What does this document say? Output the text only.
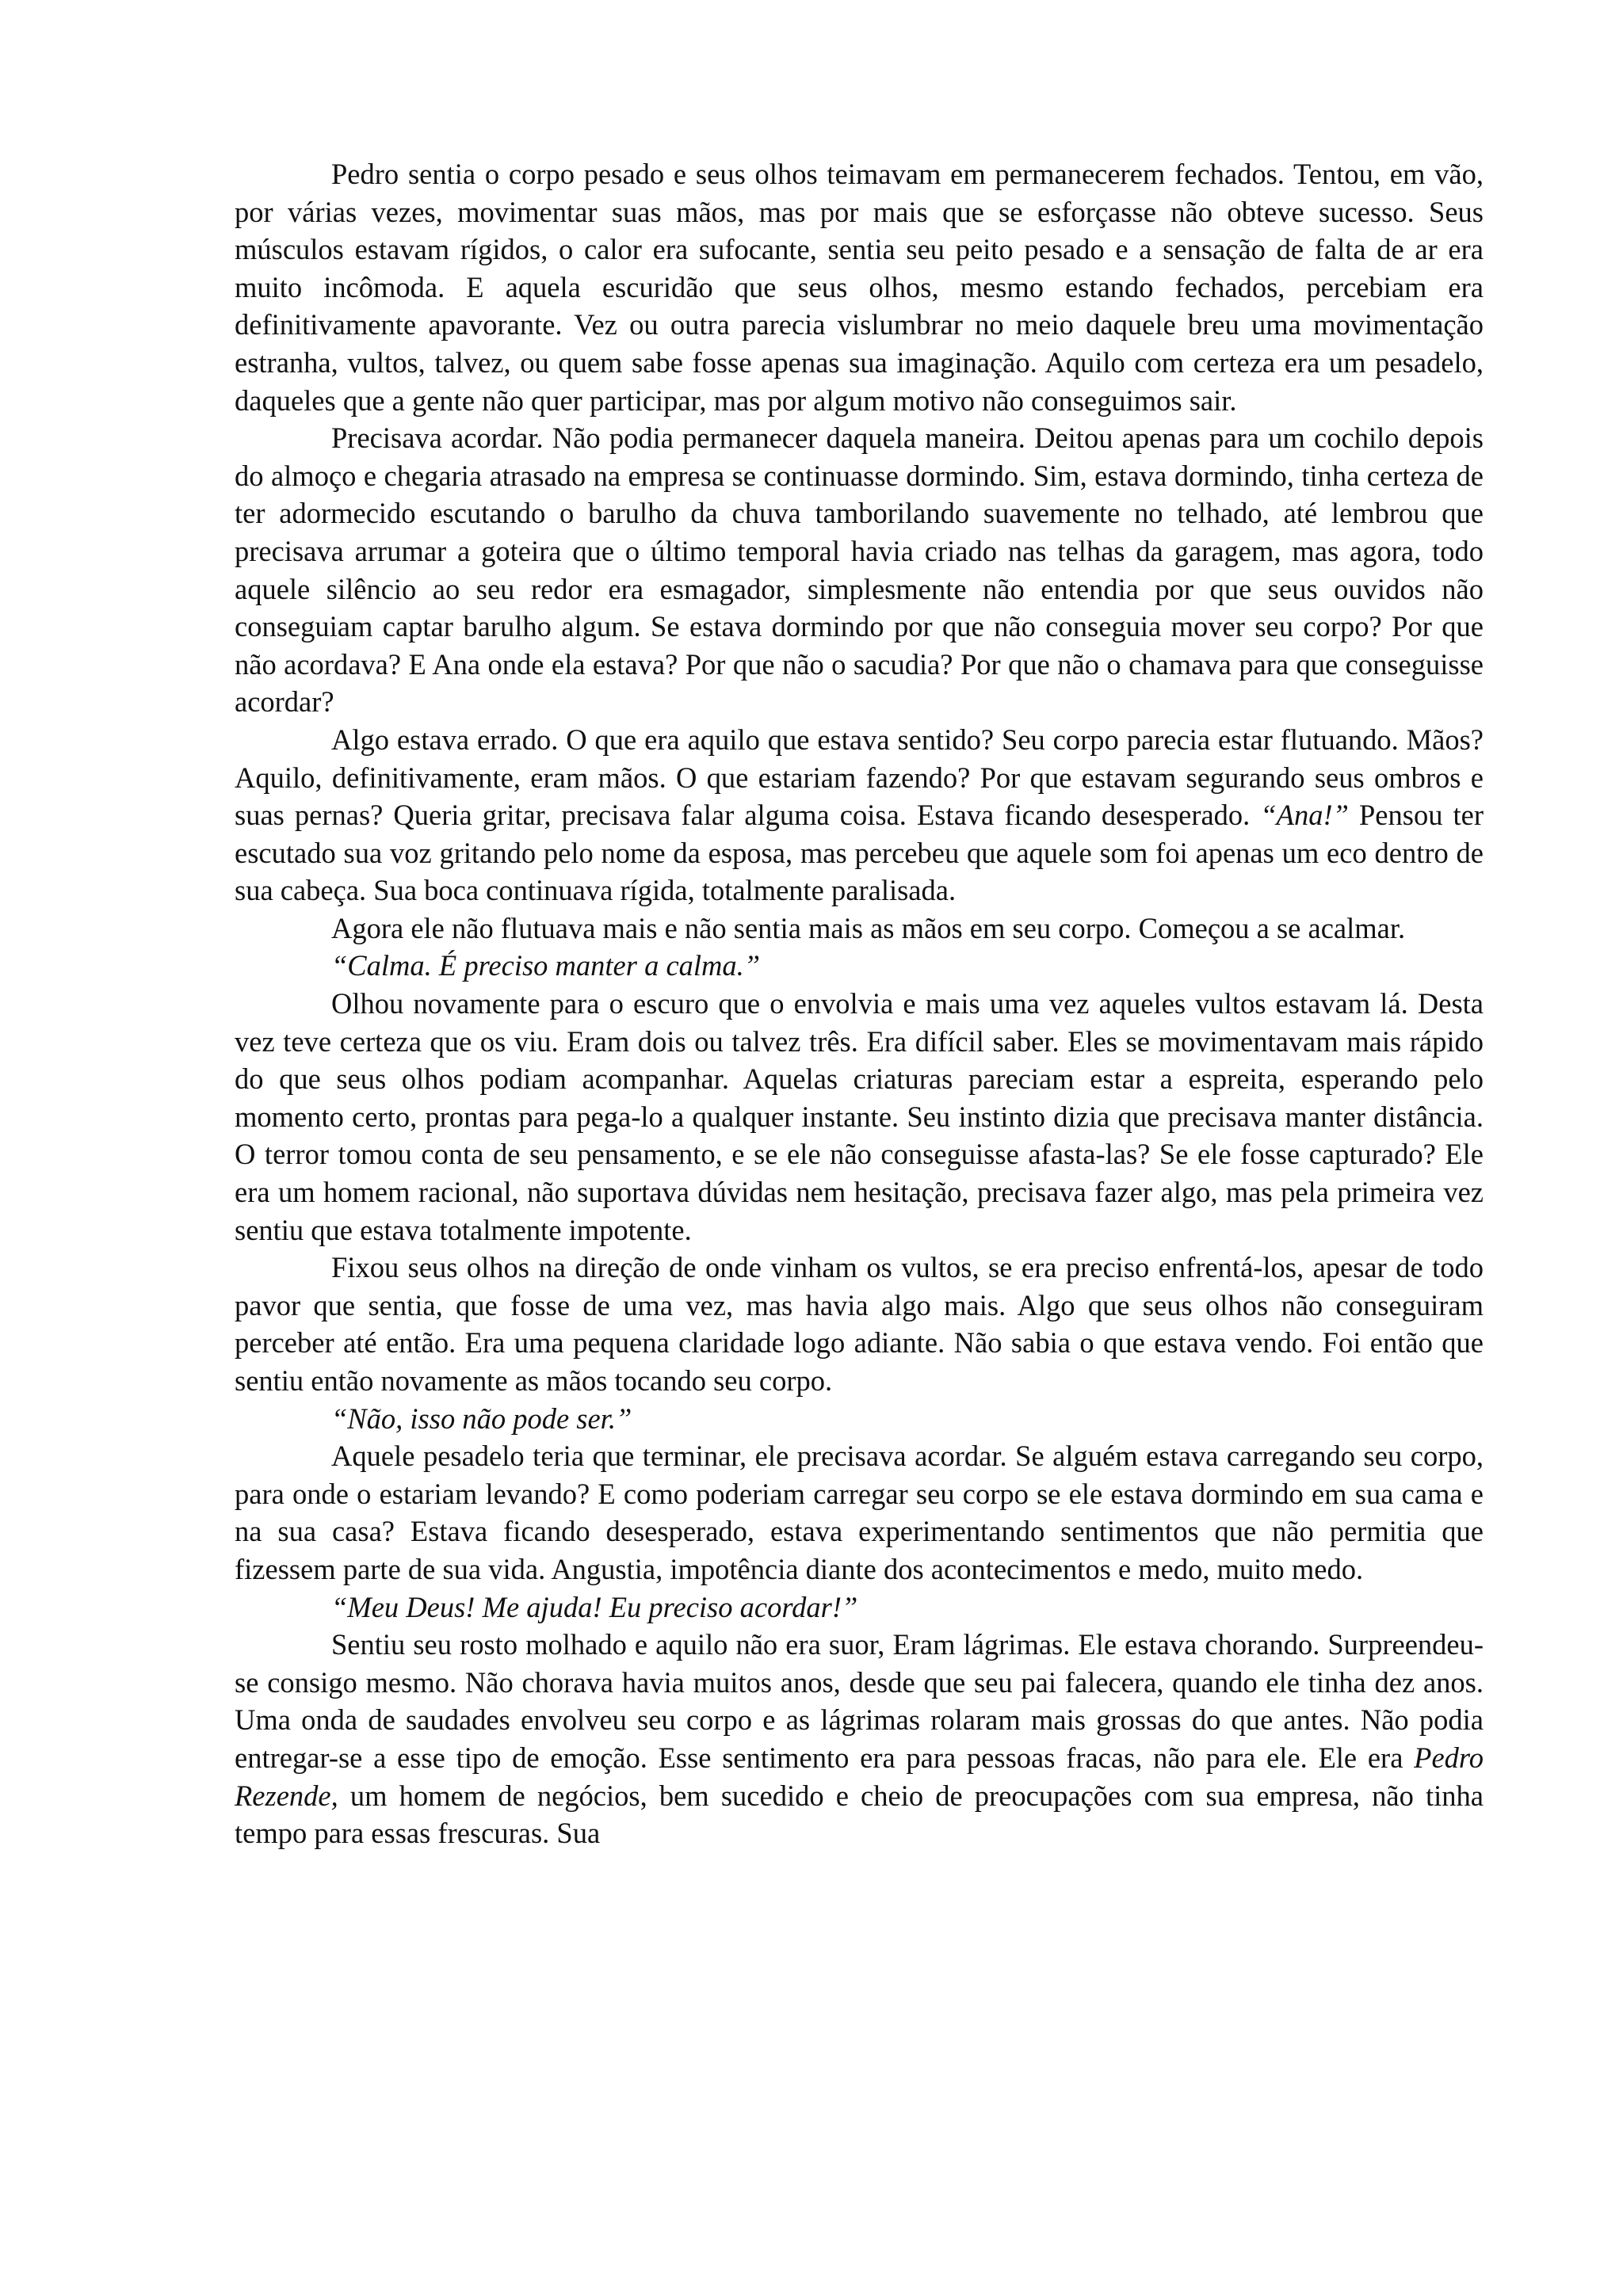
Pedro sentia o corpo pesado e seus olhos teimavam em permanecerem fechados. Tentou, em vão, por várias vezes, movimentar suas mãos, mas por mais que se esforçasse não obteve sucesso. Seus músculos estavam rígidos, o calor era sufocante, sentia seu peito pesado e a sensação de falta de ar era muito incômoda. E aquela escuridão que seus olhos, mesmo estando fechados, percebiam era definitivamente apavorante. Vez ou outra parecia vislumbrar no meio daquele breu uma movimentação estranha, vultos, talvez, ou quem sabe fosse apenas sua imaginação. Aquilo com certeza era um pesadelo, daqueles que a gente não quer participar, mas por algum motivo não conseguimos sair.

Precisava acordar. Não podia permanecer daquela maneira. Deitou apenas para um cochilo depois do almoço e chegaria atrasado na empresa se continuasse dormindo. Sim, estava dormindo, tinha certeza de ter adormecido escutando o barulho da chuva tamborilando suavemente no telhado, até lembrou que precisava arrumar a goteira que o último temporal havia criado nas telhas da garagem, mas agora, todo aquele silêncio ao seu redor era esmagador, simplesmente não entendia por que seus ouvidos não conseguiam captar barulho algum. Se estava dormindo por que não conseguia mover seu corpo? Por que não acordava? E Ana onde ela estava? Por que não o sacudia? Por que não o chamava para que conseguisse acordar?

Algo estava errado. O que era aquilo que estava sentido? Seu corpo parecia estar flutuando. Mãos? Aquilo, definitivamente, eram mãos. O que estariam fazendo? Por que estavam segurando seus ombros e suas pernas? Queria gritar, precisava falar alguma coisa. Estava ficando desesperado. “Ana!” Pensou ter escutado sua voz gritando pelo nome da esposa, mas percebeu que aquele som foi apenas um eco dentro de sua cabeça. Sua boca continuava rígida, totalmente paralisada.

Agora ele não flutuava mais e não sentia mais as mãos em seu corpo. Começou a se acalmar.

“Calma. É preciso manter a calma.”

Olhou novamente para o escuro que o envolvia e mais uma vez aqueles vultos estavam lá. Desta vez teve certeza que os viu. Eram dois ou talvez três. Era difícil saber. Eles se movimentavam mais rápido do que seus olhos podiam acompanhar. Aquelas criaturas pareciam estar a espreita, esperando pelo momento certo, prontas para pega-lo a qualquer instante. Seu instinto dizia que precisava manter distância. O terror tomou conta de seu pensamento, e se ele não conseguisse afasta-las? Se ele fosse capturado? Ele era um homem racional, não suportava dúvidas nem hesitação, precisava fazer algo, mas pela primeira vez sentiu que estava totalmente impotente.

Fixou seus olhos na direção de onde vinham os vultos, se era preciso enfrentá-los, apesar de todo pavor que sentia, que fosse de uma vez, mas havia algo mais. Algo que seus olhos não conseguiram perceber até então. Era uma pequena claridade logo adiante. Não sabia o que estava vendo. Foi então que sentiu então novamente as mãos tocando seu corpo.

“Não, isso não pode ser.”

Aquele pesadelo teria que terminar, ele precisava acordar. Se alguém estava carregando seu corpo, para onde o estariam levando? E como poderiam carregar seu corpo se ele estava dormindo em sua cama e na sua casa? Estava ficando desesperado, estava experimentando sentimentos que não permitia que fizessem parte de sua vida. Angustia, impotência diante dos acontecimentos e medo, muito medo.

“Meu Deus! Me ajuda! Eu preciso acordar!”

Sentiu seu rosto molhado e aquilo não era suor, Eram lágrimas. Ele estava chorando. Surpreendeu-se consigo mesmo. Não chorava havia muitos anos, desde que seu pai falecera, quando ele tinha dez anos. Uma onda de saudades envolveu seu corpo e as lágrimas rolaram mais grossas do que antes. Não podia entregar-se a esse tipo de emoção. Esse sentimento era para pessoas fracas, não para ele. Ele era Pedro Rezende, um homem de negócios, bem sucedido e cheio de preocupações com sua empresa, não tinha tempo para essas frescuras. Sua
